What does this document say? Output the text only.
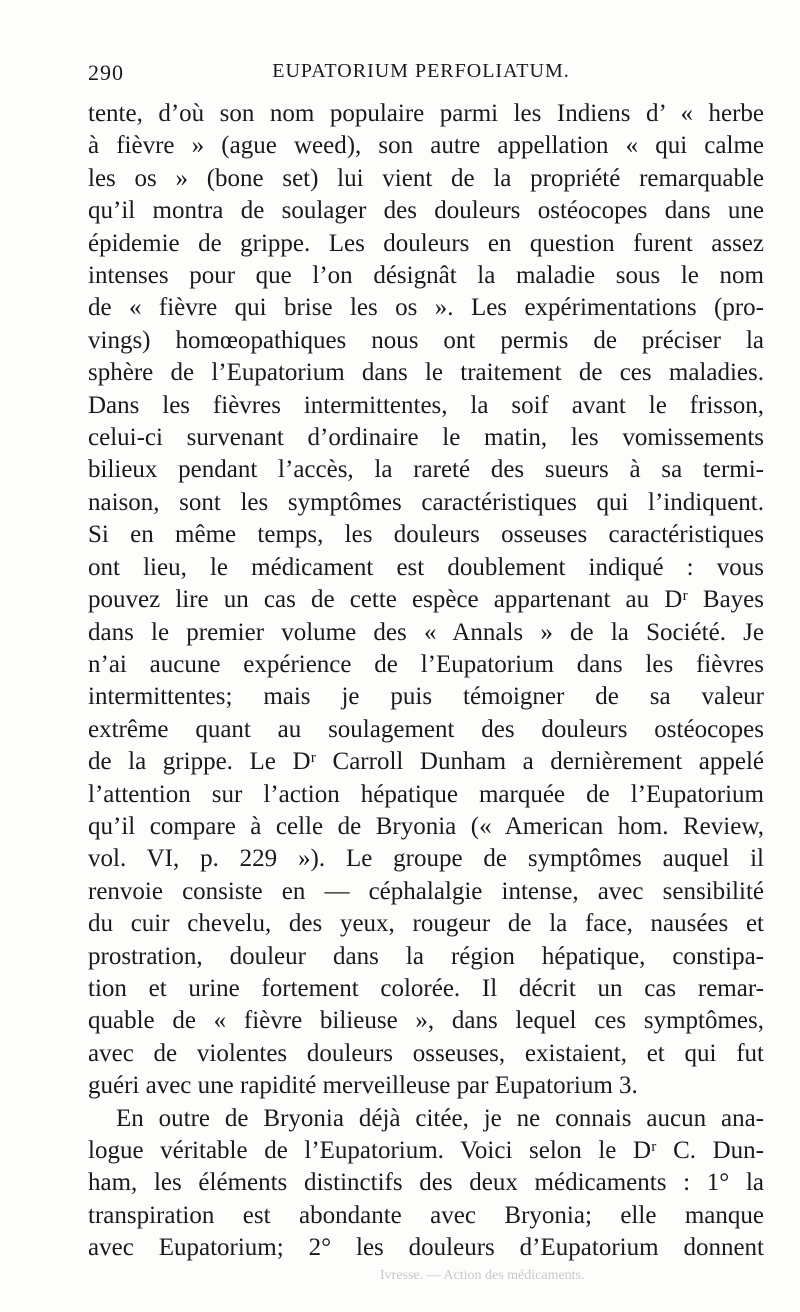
290	EUPATORIUM PERFOLIATUM.
tente, d’où son nom populaire parmi les Indiens d’ « herbe
à fièvre » (ague weed), son autre appellation « qui calme
les os » (bone set) lui vient de la propriété remarquable
qu’il montra de soulager des douleurs ostéocopes dans une
épidemie de grippe. Les douleurs en question furent assez
intenses pour que l’on désignât la maladie sous le nom
de « fièvre qui brise les os ». Les expérimentations (pro-
vings) homœopathiques nous ont permis de préciser la
sphère de l’Eupatorium dans le traitement de ces maladies.
Dans les fièvres intermittentes, la soif avant le frisson,
celui-ci survenant d’ordinaire le matin, les vomissements
bilieux pendant l’accès, la rareté des sueurs à sa termi-
naison, sont les symptômes caractéristiques qui l’indiquent.
Si en même temps, les douleurs osseuses caractéristiques
ont lieu, le médicament est doublement indiqué : vous
pouvez lire un cas de cette espèce appartenant au Dʳ Bayes
dans le premier volume des « Annals » de la Société. Je
n’ai aucune expérience de l’Eupatorium dans les fièvres
intermittentes; mais je puis témoigner de sa valeur
extrême quant au soulagement des douleurs ostéocopes
de la grippe. Le Dʳ Carroll Dunham a dernièrement appelé
l’attention sur l’action hépatique marquée de l’Eupatorium
qu’il compare à celle de Bryonia (« American hom. Review,
vol. VI, p. 229 »). Le groupe de symptômes auquel il
renvoie consiste en — céphalalgie intense, avec sensibilité
du cuir chevelu, des yeux, rougeur de la face, nausées et
prostration, douleur dans la région hépatique, constipa-
tion et urine fortement colorée. Il décrit un cas remar-
quable de « fièvre bilieuse », dans lequel ces symptômes,
avec de violentes douleurs osseuses, existaient, et qui fut
guéri avec une rapidité merveilleuse par Eupatorium 3.
En outre de Bryonia déjà citée, je ne connais aucun ana-
logue véritable de l’Eupatorium. Voici selon le Dʳ C. Dun-
ham, les éléments distinctifs des deux médicaments : 1° la
transpiration est abondante avec Bryonia; elle manque
avec Eupatorium; 2° les douleurs d’Eupatorium donnent
Ivresse. — Action des médicaments.
